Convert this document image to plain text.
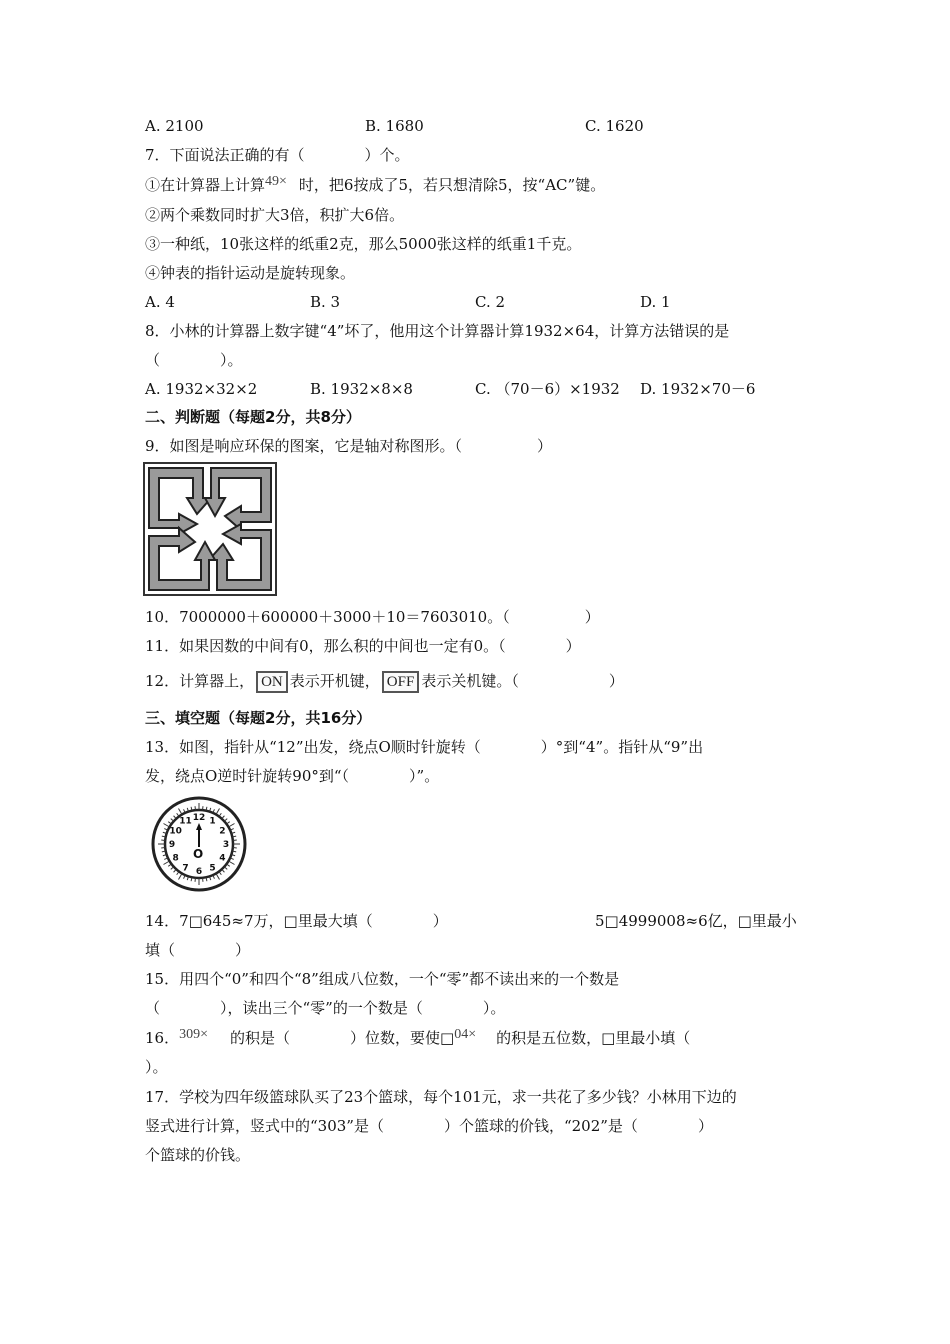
A. 2100	B. 1680	C. 1620
7．下面说法正确的有（　　　　）个。
①在计算器上计算49× 时，把6按成了5，若只想清除5，按“AC”键。
②两个乘数同时扩大3倍，积扩大6倍。
③一种纸，10张这样的纸重2克，那么5000张这样的纸重1千克。
④钟表的指针运动是旋转现象。
A. 4	B. 3	C. 2	D. 1
8．小林的计算器上数字键“4”坏了，他用这个计算器计算1932×64，计算方法错误的是
（　　　　）。
A. 1932×32×2	B. 1932×8×8	C. （70－6）×1932 D. 1932×70－6
二、判断题（每题2分，共8分）
9．如图是响应环保的图案，它是轴对称图形。（　　　　　）
10．7000000＋600000＋3000＋10＝7603010。（　　　　　）
11．如果因数的中间有0，那么积的中间也一定有0。（　　　　）
12．计算器上， ON 表示开机键， OFF 表示关机键。（　　　　　　）
三、填空题（每题2分，共16分）
13．如图，指针从“12”出发，绕点O顺时针旋转（　　　　）°到“4”。指针从“9”出
发，绕点O逆时针旋转90°到“（　　　　）”。
12 1
2
3
4
5
6
7
8
9
10
11
O
14．7□645≈7万，□里最大填（　　　　）	5□4999008≈6亿，□里最小
填（　　　　）
15．用四个“0”和四个“8”组成八位数，一个“零”都不读出来的一个数是
（　　　　），读出三个“零”的一个数是（　　　　）。
16．309× 的积是（　　　　）位数，要使□04× 的积是五位数，□里最小填（
）。
17．学校为四年级篮球队买了23个篮球，每个101元，求一共花了多少钱？小林用下边的
竖式进行计算，竖式中的“303”是（　　　　）个篮球的价钱，“202”是（　　　　）
个篮球的价钱。
